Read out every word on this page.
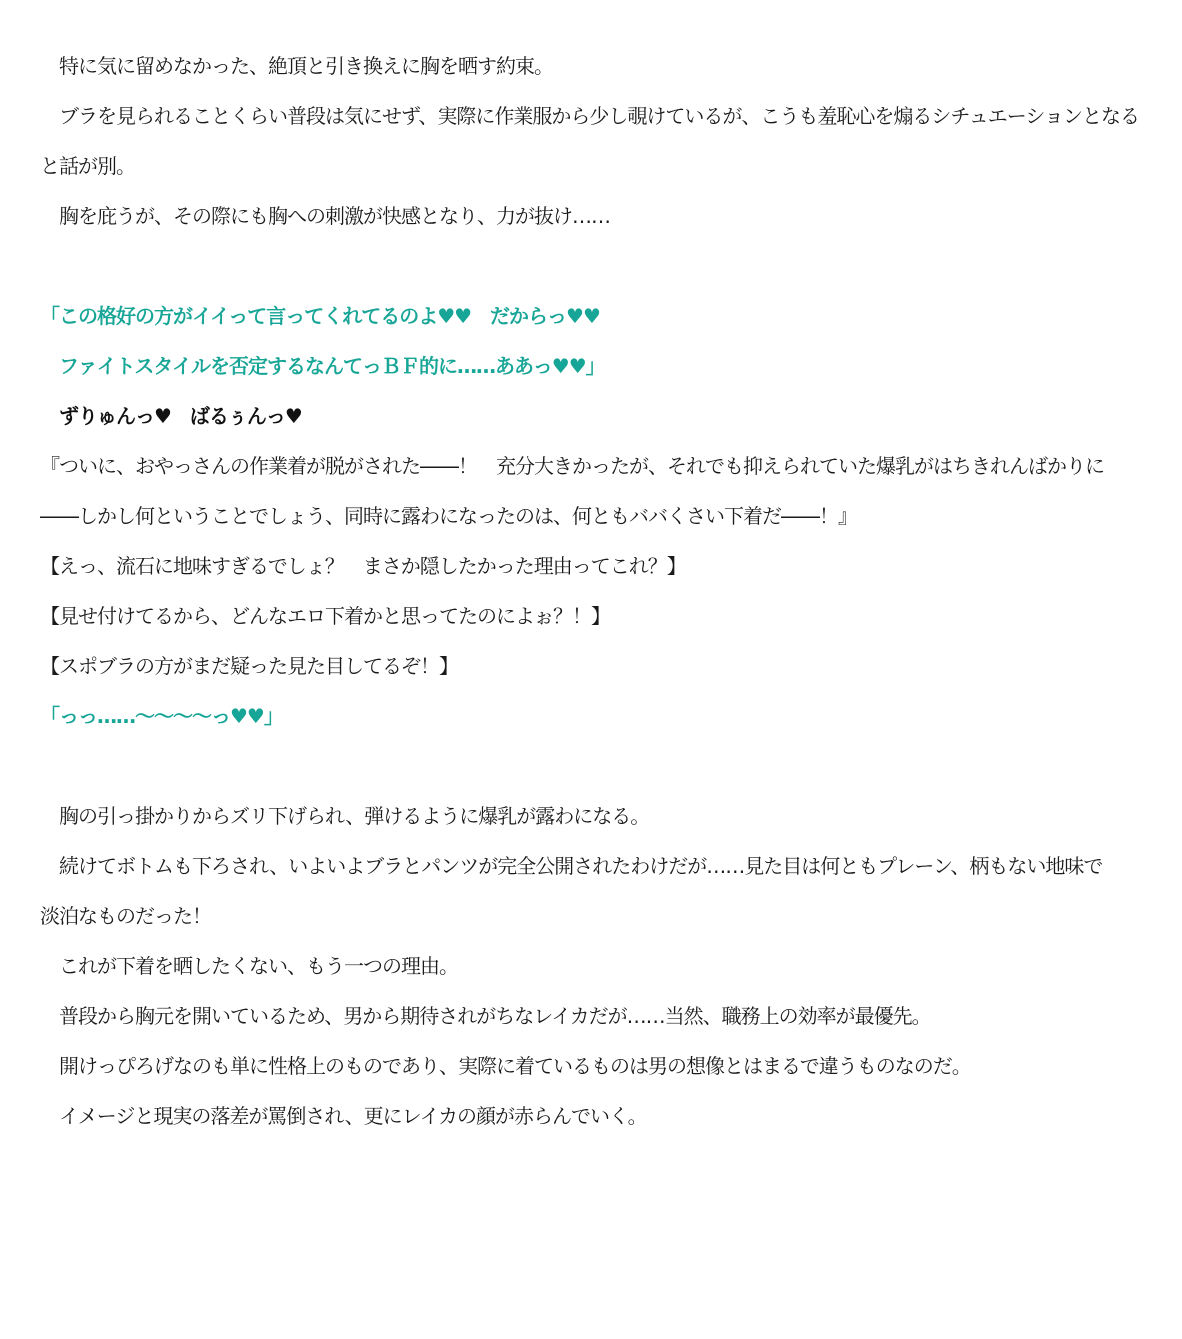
　特に気に留めなかった、絶頂と引き換えに胸を晒す約束。
　ブラを見られることくらい普段は気にせず、実際に作業服から少し覗けているが、こうも羞恥心を煽るシチュエーションとなる
と話が別。
　胸を庇うが、その際にも胸への刺激が快感となり、力が抜け……
「この格好の方がイイって言ってくれてるのよ♥♥　だからっ♥♥
　ファイトスタイルを否定するなんてっＢＦ的に……ああっ♥♥」
　ずりゅんっ♥　ばるぅんっ♥
『ついに、おやっさんの作業着が脱がされた――！　充分大きかったが、それでも抑えられていた爆乳がはちきれんばかりに
――しかし何ということでしょう、同時に露わになったのは、何ともババくさい下着だ――！』
【えっ、流石に地味すぎるでしょ？　まさか隠したかった理由ってこれ？】
【見せ付けてるから、どんなエロ下着かと思ってたのによぉ？！】
【スポブラの方がまだ疑った見た目してるぞ！】
「っっ……～～～～っ♥♥」
　胸の引っ掛かりからズリ下げられ、弾けるように爆乳が露わになる。
　続けてボトムも下ろされ、いよいよブラとパンツが完全公開されたわけだが……見た目は何ともプレーン、柄もない地味で
淡泊なものだった！
　これが下着を晒したくない、もう一つの理由。
　普段から胸元を開いているため、男から期待されがちなレイカだが……当然、職務上の効率が最優先。
　開けっぴろげなのも単に性格上のものであり、実際に着ているものは男の想像とはまるで違うものなのだ。
　イメージと現実の落差が罵倒され、更にレイカの顔が赤らんでいく。
